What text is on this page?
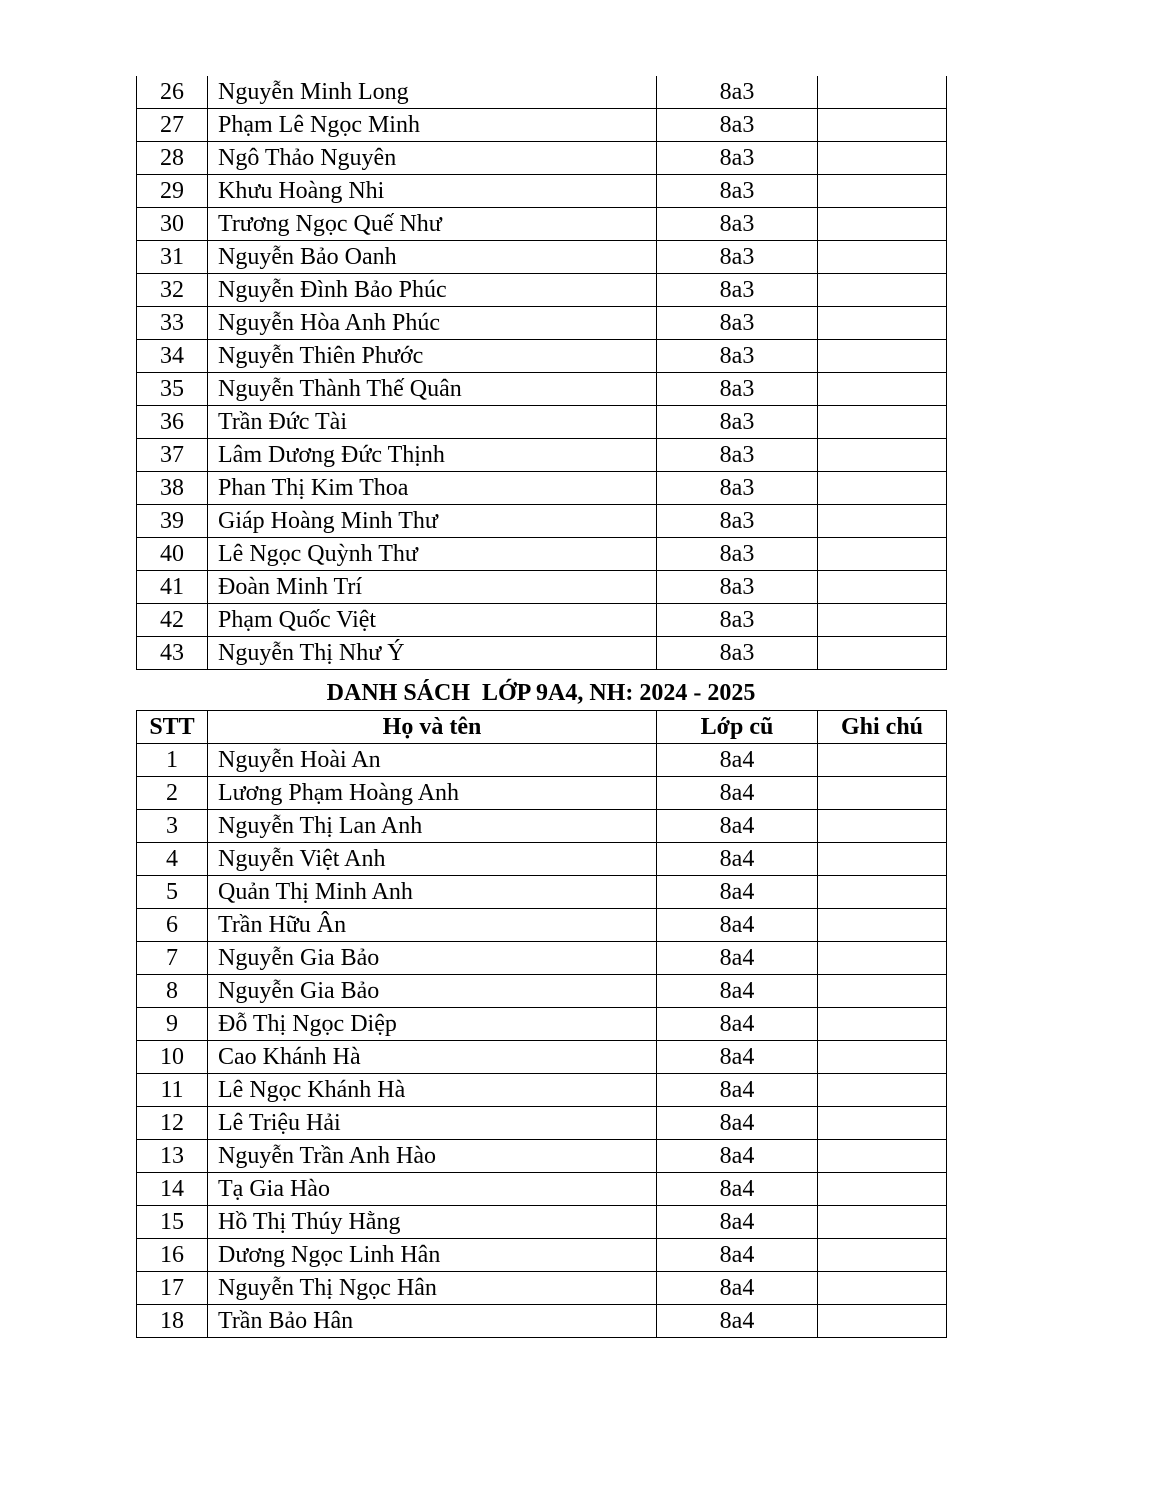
26	Nguyễn Minh Long	8a3	
27	Phạm Lê Ngọc Minh	8a3	
28	Ngô Thảo Nguyên	8a3	
29	Khưu Hoàng Nhi	8a3	
30	Trương Ngọc Quế Như	8a3	
31	Nguyễn Bảo Oanh	8a3	
32	Nguyễn Đình Bảo Phúc	8a3	
33	Nguyễn Hòa Anh Phúc	8a3	
34	Nguyễn Thiên Phước	8a3	
35	Nguyễn Thành Thế Quân	8a3	
36	Trần Đức Tài	8a3	
37	Lâm Dương Đức Thịnh	8a3	
38	Phan Thị Kim Thoa	8a3	
39	Giáp Hoàng Minh Thư	8a3	
40	Lê Ngọc Quỳnh Thư	8a3	
41	Đoàn Minh Trí	8a3	
42	Phạm Quốc Việt	8a3	
43	Nguyễn Thị Như Ý	8a3	
DANH SÁCH  LỚP 9A4, NH: 2024 - 2025
STT	Họ và tên	Lớp cũ	Ghi chú
1	Nguyễn Hoài An	8a4	
2	Lương Phạm Hoàng Anh	8a4	
3	Nguyễn Thị Lan Anh	8a4	
4	Nguyễn Việt Anh	8a4	
5	Quản Thị Minh Anh	8a4	
6	Trần Hữu Ân	8a4	
7	Nguyễn Gia Bảo	8a4	
8	Nguyễn Gia Bảo	8a4	
9	Đỗ Thị Ngọc Diệp	8a4	
10	Cao Khánh Hà	8a4	
11	Lê Ngọc Khánh Hà	8a4	
12	Lê Triệu Hải	8a4	
13	Nguyễn Trần Anh Hào	8a4	
14	Tạ Gia Hào	8a4	
15	Hồ Thị Thúy Hằng	8a4	
16	Dương Ngọc Linh Hân	8a4	
17	Nguyễn Thị Ngọc Hân	8a4	
18	Trần Bảo Hân	8a4	
